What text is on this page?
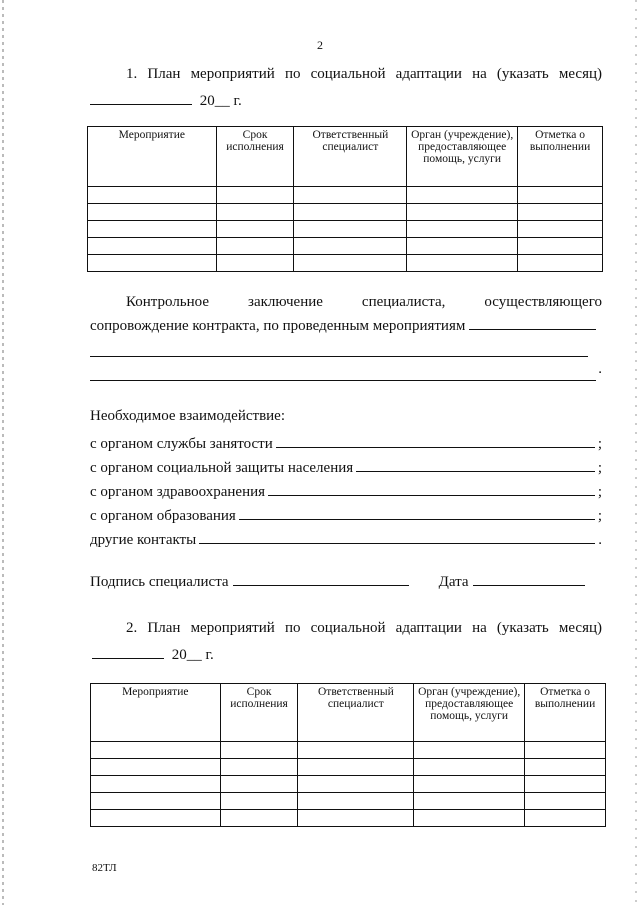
2
1. План мероприятий по социальной адаптации на (указать месяц)
20__ г.
Мероприятие	Срок исполнения	Ответственный специалист	Орган (учреждение), предоставляющее помощь, услуги	Отметка о выполнении

Контрольное	заключение	специалиста,	осуществляющего
сопровождение контракта, по проведенным мероприятиям
.
Необходимое взаимодействие:
с органом службы занятости	;
с органом социальной защиты населения	;
с органом здравоохранения	;
с органом образования	;
другие контакты	.
Подпись специалиста	Дата
2. План мероприятий по социальной адаптации на (указать месяц)
20__ г.
Мероприятие	Срок исполнения	Ответственный специалист	Орган (учреждение), предоставляющее помощь, услуги	Отметка о выполнении

82ТЛ
